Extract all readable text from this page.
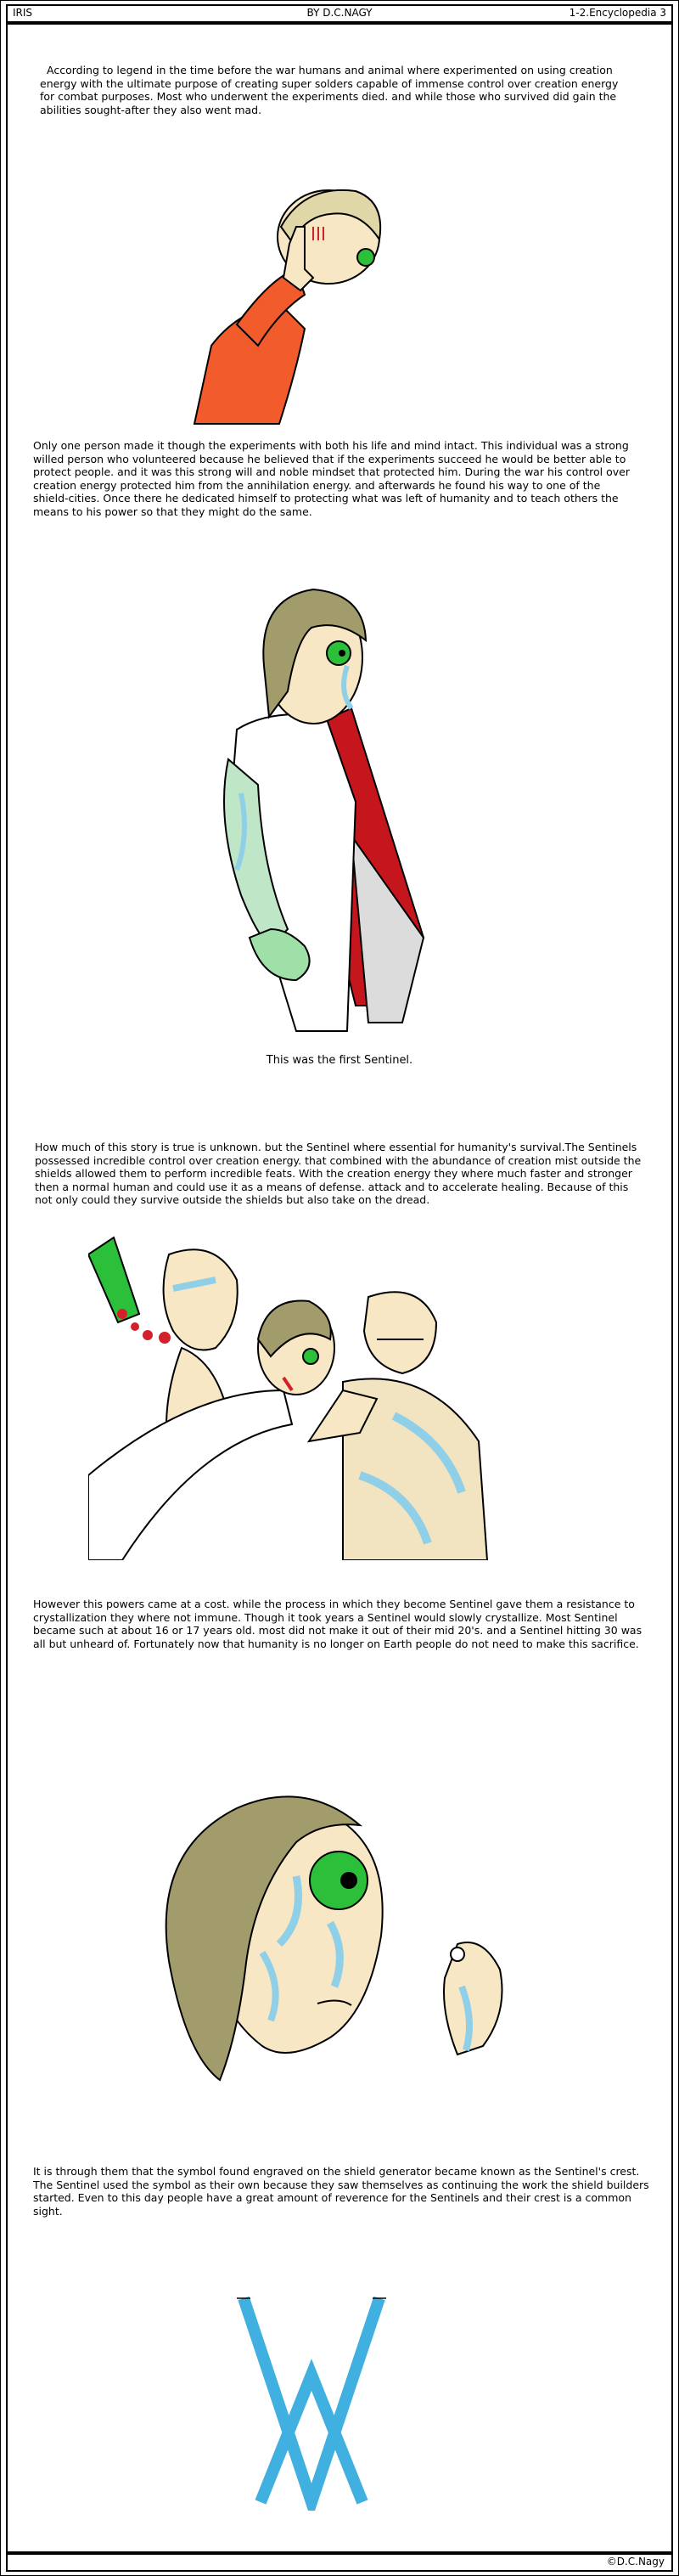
IRIS	BY D.C.NAGY	1-2.Encyclopedia 3

According to legend in the time before the war humans and animal where experimented on using creation energy with the ultimate purpose of creating super solders capable of immense control over creation energy for combat purposes. Most who underwent the experiments died. and while those who survived did gain the abilities sought-after they also went mad.

Only one person made it though the experiments with both his life and mind intact. This individual was a strong willed person who volunteered because he believed that if the experiments succeed he would be better able to protect people. and it was this strong will and noble mindset that protected him. During the war his control over creation energy protected him from the annihilation energy. and afterwards he found his way to one of the shield-cities. Once there he dedicated himself to protecting what was left of humanity and to teach others the means to his power so that they might do the same.

This was the first Sentinel.

How much of this story is true is unknown. but the Sentinel where essential for humanity's survival.The Sentinels possessed incredible control over creation energy. that combined with the abundance of creation mist outside the shields allowed them to perform incredible feats. With the creation energy they where much faster and stronger then a normal human and could use it as a means of defense. attack and to accelerate healing. Because of this not only could they survive outside the shields but also take on the dread.

However this powers came at a cost. while the process in which they become Sentinel gave them a resistance to crystallization they where not immune. Though it took years a Sentinel would slowly crystallize. Most Sentinel became such at about 16 or 17 years old. most did not make it out of their mid 20's. and a Sentinel hitting 30 was all but unheard of. Fortunately now that humanity is no longer on Earth people do not need to make this sacrifice.

It is through them that the symbol found engraved on the shield generator became known as the Sentinel's crest. The Sentinel used the symbol as their own because they saw themselves as continuing the work the shield builders started. Even to this day people have a great amount of reverence for the Sentinels and their crest is a common sight.

©D.C.Nagy
